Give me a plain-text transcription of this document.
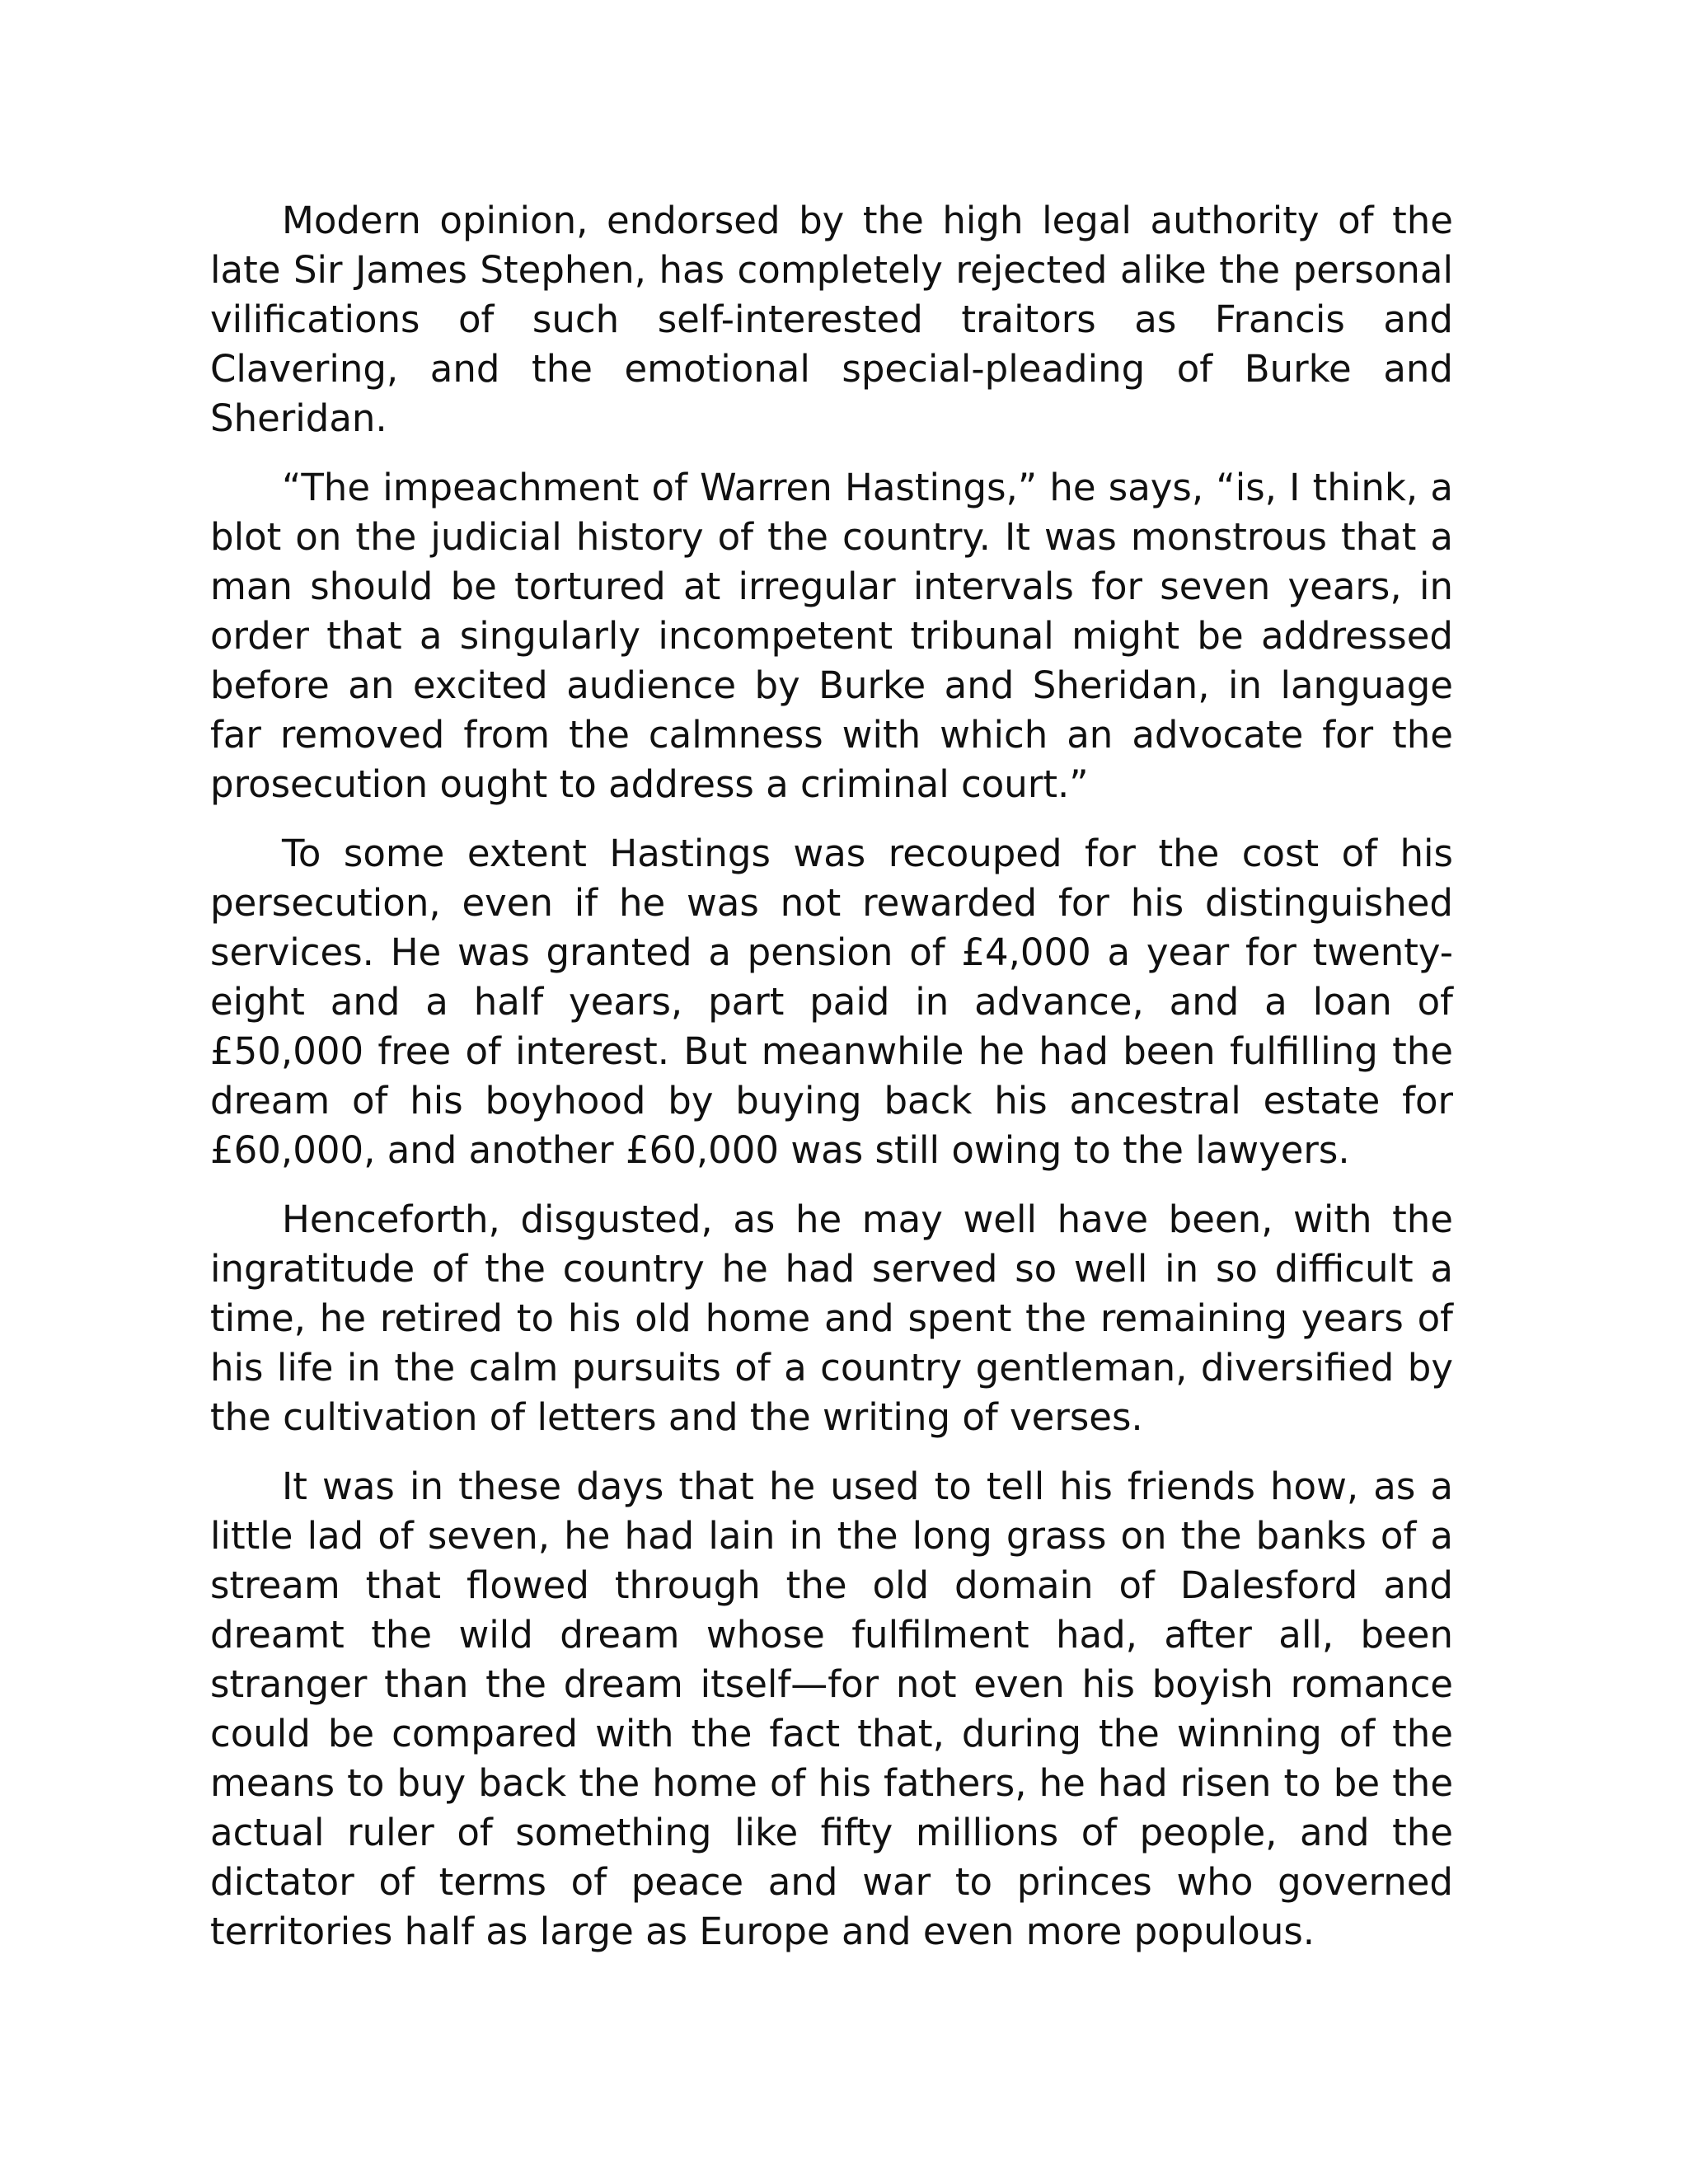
Modern opinion, endorsed by the high legal authority of the late Sir James Stephen, has completely rejected alike the personal vilifications of such self-interested traitors as Francis and Clavering, and the emotional special-pleading of Burke and Sheridan.

“The impeachment of Warren Hastings,” he says, “is, I think, a blot on the judicial history of the country. It was monstrous that a man should be tortured at irregular intervals for seven years, in order that a singularly incompetent tribunal might be addressed before an excited audience by Burke and Sheridan, in language far removed from the calmness with which an advocate for the prosecution ought to address a criminal court.”

To some extent Hastings was recouped for the cost of his persecution, even if he was not rewarded for his distinguished services. He was granted a pension of £4,000 a year for twenty-eight and a half years, part paid in advance, and a loan of £50,000 free of interest. But meanwhile he had been fulfilling the dream of his boyhood by buying back his ancestral estate for £60,000, and another £60,000 was still owing to the lawyers.

Henceforth, disgusted, as he may well have been, with the ingratitude of the country he had served so well in so difficult a time, he retired to his old home and spent the remaining years of his life in the calm pursuits of a country gentleman, diversified by the cultivation of letters and the writing of verses.

It was in these days that he used to tell his friends how, as a little lad of seven, he had lain in the long grass on the banks of a stream that flowed through the old domain of Dalesford and dreamt the wild dream whose fulfilment had, after all, been stranger than the dream itself—for not even his boyish romance could be compared with the fact that, during the winning of the means to buy back the home of his fathers, he had risen to be the actual ruler of something like fifty millions of people, and the dictator of terms of peace and war to princes who governed territories half as large as Europe and even more populous.
